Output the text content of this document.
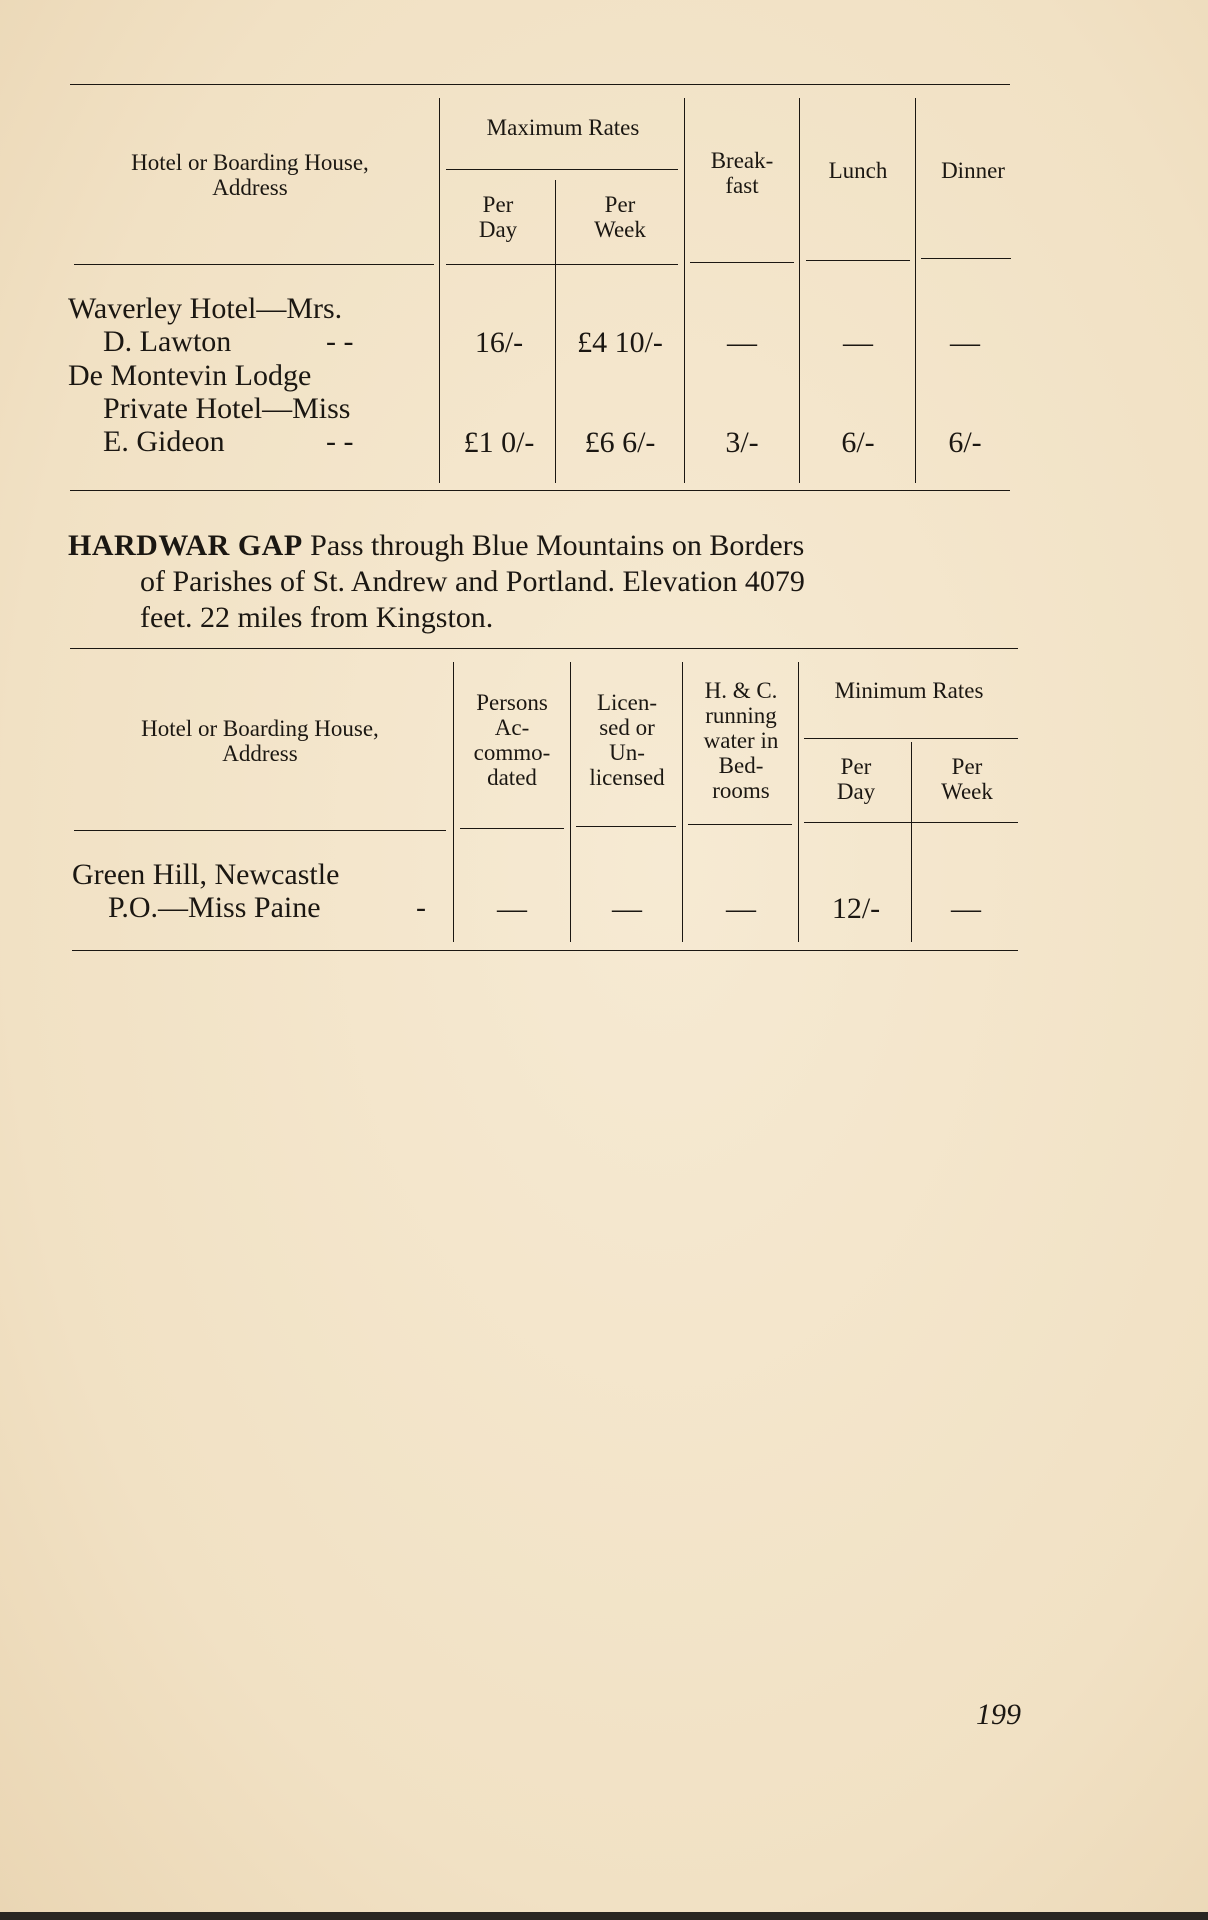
Hotel or Boarding House,
Address
Maximum Rates
Per
Day
Per
Week
Break-
fast
Lunch	Dinner
Waverley Hotel—Mrs.
D. Lawton	- -	16/-	£4 10/-	—	—	—
De Montevin Lodge
Private Hotel—Miss
E. Gideon	- -	£1 0/-	£6 6/-	3/-	6/-	6/-
HARDWAR GAP Pass through Blue Mountains on Borders
of Parishes of St. Andrew and Portland. Elevation 4079
feet. 22 miles from Kingston.
Hotel or Boarding House,
Address
Persons
Ac-
commo-
dated
Licen-
sed or
Un-
licensed
H. & C.
running
water in
Bed-
rooms
Minimum Rates
Per
Day
Per
Week
Green Hill, Newcastle
P.O.—Miss Paine	-	—	—	—	12/-	—
199
